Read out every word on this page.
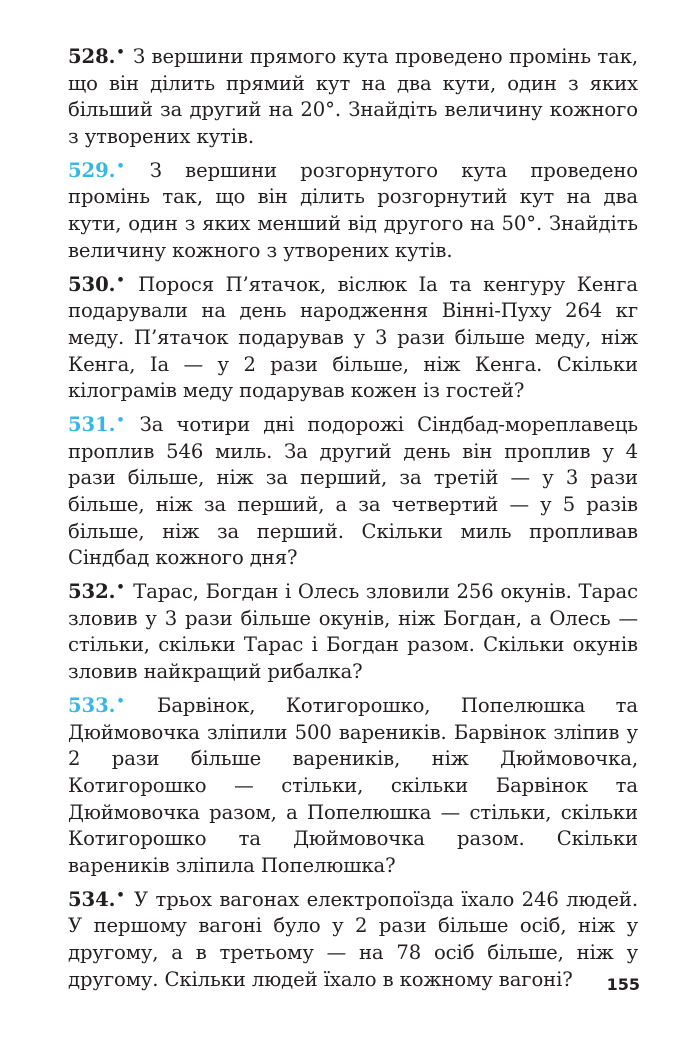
528.• З вершини прямого кута проведено промінь так, що він ділить прямий кут на два кути, один з яких більший за другий на 20°. Знайдіть величину кожного з утворених кутів.

529.• З вершини розгорнутого кута проведено промінь так, що він ділить розгорнутий кут на два кути, один з яких менший від другого на 50°. Знайдіть величину кожного з утворених кутів.

530.• Порося П’ятачок, віслюк Іа та кенгуру Кенга подарували на день народження Вінні-Пуху 264 кг меду. П’ятачок подарував у 3 рази більше меду, ніж Кенга, Іа — у 2 рази більше, ніж Кенга. Скільки кілограмів меду подарував кожен із гостей?

531.• За чотири дні подорожі Сіндбад-мореплавець проплив 546 миль. За другий день він проплив у 4 рази більше, ніж за перший, за третій — у 3 рази більше, ніж за перший, а за четвертий — у 5 разів більше, ніж за перший. Скільки миль пропливав Сіндбад кожного дня?

532.• Тарас, Богдан і Олесь зловили 256 окунів. Тарас зловив у 3 рази більше окунів, ніж Богдан, а Олесь — стільки, скільки Тарас і Богдан разом. Скільки окунів зловив найкращий рибалка?

533.• Барвінок, Котигорошко, Попелюшка та Дюймовочка зліпили 500 вареників. Барвінок зліпив у 2 рази більше вареників, ніж Дюймовочка, Котигорошко — стільки, скільки Барвінок та Дюймовочка разом, а Попелюшка — стільки, скільки Котигорошко та Дюймовочка разом. Скільки вареників зліпила Попелюшка?

534.• У трьох вагонах електропоїзда їхало 246 людей. У першому вагоні було у 2 рази більше осіб, ніж у другому, а в третьому — на 78 осіб більше, ніж у другому. Скільки людей їхало в кожному вагоні?	155
